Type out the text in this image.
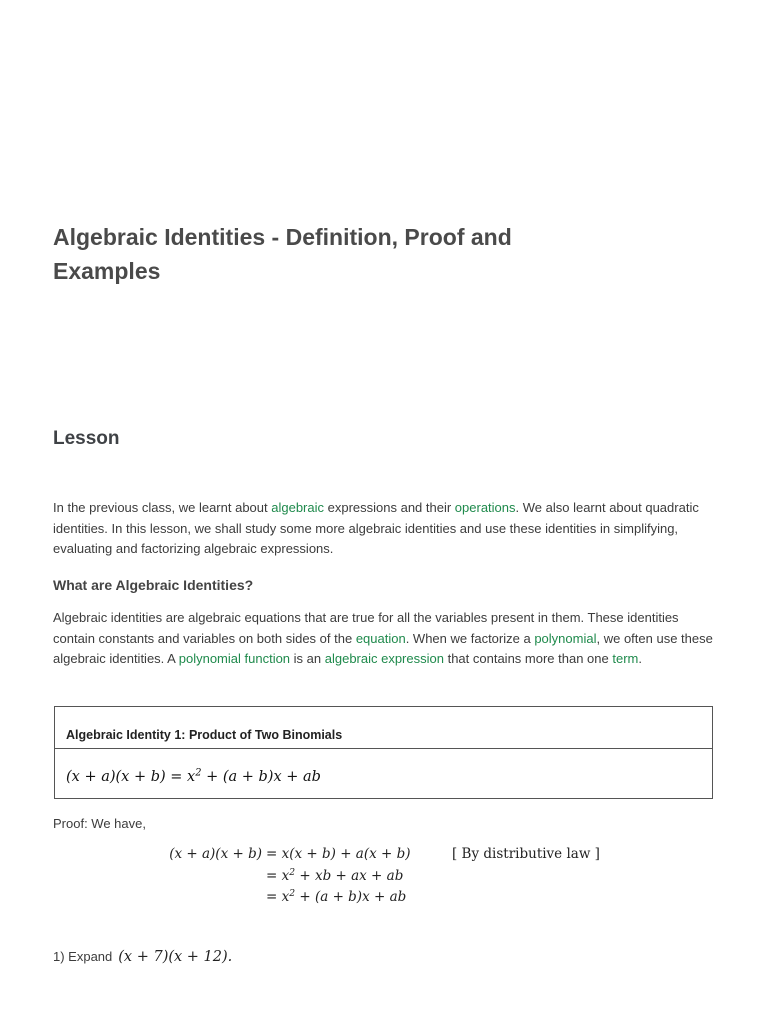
Algebraic Identities - Definition, Proof and Examples
Lesson

In the previous class, we learnt about algebraic expressions and their operations. We also learnt about quadratic identities. In this lesson, we shall study some more algebraic identities and use these identities in simplifying, evaluating and factorizing algebraic expressions.

What are Algebraic Identities?

Algebraic identities are algebraic equations that are true for all the variables present in them. These identities contain constants and variables on both sides of the equation. When we factorize a polynomial, we often use these algebraic identities. A polynomial function is an algebraic expression that contains more than one term.

Algebraic Identity 1: Product of Two Binomials
$(x + a)(x + b) = x^2 + (a + b)x$ + ab

Proof: We have,

(x + a)(x + b) = x(x + b) + a(x + b)	[ By distributive law ]
= $x^2$ + xb + ax + ab
= $x^2 + (a + b)x$ + ab
1) Expand (x + 7)(x + 12).
